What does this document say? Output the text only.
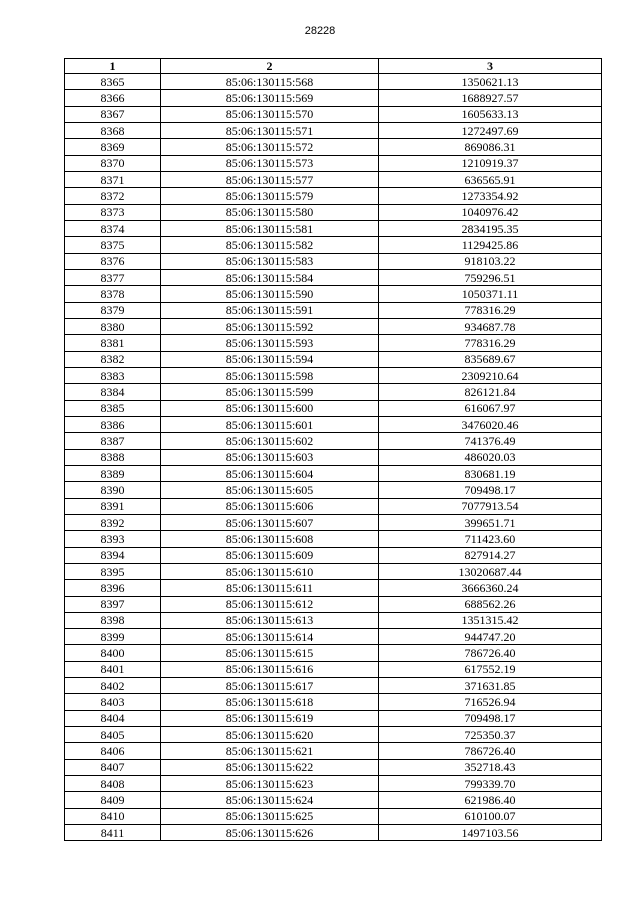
28228
1	2	3
8365	85:06:130115:568	1350621.13
8366	85:06:130115:569	1688927.57
8367	85:06:130115:570	1605633.13
8368	85:06:130115:571	1272497.69
8369	85:06:130115:572	869086.31
8370	85:06:130115:573	1210919.37
8371	85:06:130115:577	636565.91
8372	85:06:130115:579	1273354.92
8373	85:06:130115:580	1040976.42
8374	85:06:130115:581	2834195.35
8375	85:06:130115:582	1129425.86
8376	85:06:130115:583	918103.22
8377	85:06:130115:584	759296.51
8378	85:06:130115:590	1050371.11
8379	85:06:130115:591	778316.29
8380	85:06:130115:592	934687.78
8381	85:06:130115:593	778316.29
8382	85:06:130115:594	835689.67
8383	85:06:130115:598	2309210.64
8384	85:06:130115:599	826121.84
8385	85:06:130115:600	616067.97
8386	85:06:130115:601	3476020.46
8387	85:06:130115:602	741376.49
8388	85:06:130115:603	486020.03
8389	85:06:130115:604	830681.19
8390	85:06:130115:605	709498.17
8391	85:06:130115:606	7077913.54
8392	85:06:130115:607	399651.71
8393	85:06:130115:608	711423.60
8394	85:06:130115:609	827914.27
8395	85:06:130115:610	13020687.44
8396	85:06:130115:611	3666360.24
8397	85:06:130115:612	688562.26
8398	85:06:130115:613	1351315.42
8399	85:06:130115:614	944747.20
8400	85:06:130115:615	786726.40
8401	85:06:130115:616	617552.19
8402	85:06:130115:617	371631.85
8403	85:06:130115:618	716526.94
8404	85:06:130115:619	709498.17
8405	85:06:130115:620	725350.37
8406	85:06:130115:621	786726.40
8407	85:06:130115:622	352718.43
8408	85:06:130115:623	799339.70
8409	85:06:130115:624	621986.40
8410	85:06:130115:625	610100.07
8411	85:06:130115:626	1497103.56
